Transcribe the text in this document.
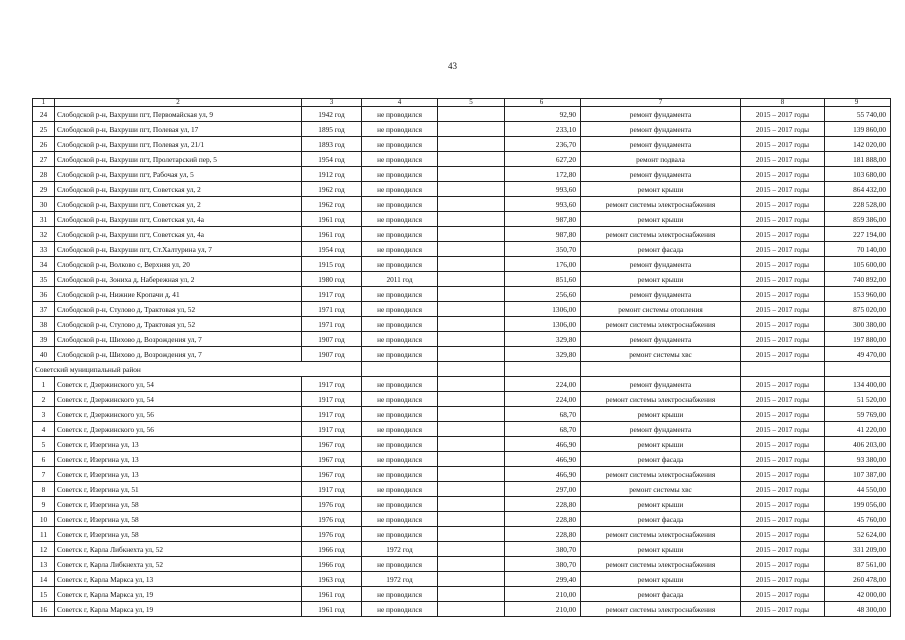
43
1	2	3	4	5	6	7	8	9
24	Слободской р-н, Вахруши пгт, Первомайская ул, 9	1942 год	не проводился		92,90	ремонт фундамента	2015 – 2017 годы	55 740,00
25	Слободской р-н, Вахруши пгт, Полевая ул, 17	1895 год	не проводился		233,10	ремонт фундамента	2015 – 2017 годы	139 860,00
26	Слободской р-н, Вахруши пгт, Полевая ул, 21/1	1893 год	не проводился		236,70	ремонт фундамента	2015 – 2017 годы	142 020,00
27	Слободской р-н, Вахруши пгт, Пролетарский пер, 5	1954 год	не проводился		627,20	ремонт подвала	2015 – 2017 годы	181 888,00
28	Слободской р-н, Вахруши пгт, Рабочая ул, 5	1912 год	не проводился		172,80	ремонт фундамента	2015 – 2017 годы	103 680,00
29	Слободской р-н, Вахруши пгт, Советская ул, 2	1962 год	не проводился		993,60	ремонт крыши	2015 – 2017 годы	864 432,00
30	Слободской р-н, Вахруши пгт, Советская ул, 2	1962 год	не проводился		993,60	ремонт системы электроснабжения	2015 – 2017 годы	228 528,00
31	Слободской р-н, Вахруши пгт, Советская ул, 4а	1961 год	не проводился		987,80	ремонт крыши	2015 – 2017 годы	859 386,00
32	Слободской р-н, Вахруши пгт, Советская ул, 4а	1961 год	не проводился		987,80	ремонт системы электроснабжения	2015 – 2017 годы	227 194,00
33	Слободской р-н, Вахруши пгт, Ст.Халтурина ул, 7	1954 год	не проводился		350,70	ремонт фасада	2015 – 2017 годы	70 140,00
34	Слободской р-н, Волково с, Верхняя ул, 20	1915 год	не проводился		176,00	ремонт фундамента	2015 – 2017 годы	105 600,00
35	Слободской р-н, Зониха д, Набережная ул, 2	1980 год	2011 год		851,60	ремонт крыши	2015 – 2017 годы	740 892,00
36	Слободской р-н, Нижние Кропачи д, 41	1917 год	не проводился		256,60	ремонт фундамента	2015 – 2017 годы	153 960,00
37	Слободской р-н, Стулово д, Трактовая ул, 52	1971 год	не проводился		1306,00	ремонт системы отопления	2015 – 2017 годы	875 020,00
38	Слободской р-н, Стулово д, Трактовая ул, 52	1971 год	не проводился		1306,00	ремонт системы электроснабжения	2015 – 2017 годы	300 380,00
39	Слободской р-н, Шихово д, Возрождения ул, 7	1907 год	не проводился		329,80	ремонт фундамента	2015 – 2017 годы	197 880,00
40	Слободской р-н, Шихово д, Возрождения ул, 7	1907 год	не проводился		329,80	ремонт системы хвс	2015 – 2017 годы	49 470,00
Советский муниципальный район								
1	Советск г, Дзержинского ул, 54	1917 год	не проводился		224,00	ремонт фундамента	2015 – 2017 годы	134 400,00
2	Советск г, Дзержинского ул, 54	1917 год	не проводился		224,00	ремонт системы электроснабжения	2015 – 2017 годы	51 520,00
3	Советск г, Дзержинского ул, 56	1917 год	не проводился		68,70	ремонт крыши	2015 – 2017 годы	59 769,00
4	Советск г, Дзержинского ул, 56	1917 год	не проводился		68,70	ремонт фундамента	2015 – 2017 годы	41 220,00
5	Советск г, Изергина ул, 13	1967 год	не проводился		466,90	ремонт крыши	2015 – 2017 годы	406 203,00
6	Советск г, Изергина ул, 13	1967 год	не проводился		466,90	ремонт фасада	2015 – 2017 годы	93 380,00
7	Советск г, Изергина ул, 13	1967 год	не проводился		466,90	ремонт системы электроснабжения	2015 – 2017 годы	107 387,00
8	Советск г, Изергина ул, 51	1917 год	не проводился		297,00	ремонт системы хвс	2015 – 2017 годы	44 550,00
9	Советск г, Изергина ул, 58	1976 год	не проводился		228,80	ремонт крыши	2015 – 2017 годы	199 056,00
10	Советск г, Изергина ул, 58	1976 год	не проводился		228,80	ремонт фасада	2015 – 2017 годы	45 760,00
11	Советск г, Изергина ул, 58	1976 год	не проводился		228,80	ремонт системы электроснабжения	2015 – 2017 годы	52 624,00
12	Советск г, Карла Либкнехта ул, 52	1966 год	1972 год		380,70	ремонт крыши	2015 – 2017 годы	331 209,00
13	Советск г, Карла Либкнехта ул, 52	1966 год	не проводился		380,70	ремонт системы электроснабжения	2015 – 2017 годы	87 561,00
14	Советск г, Карла Маркса ул, 13	1963 год	1972 год		299,40	ремонт крыши	2015 – 2017 годы	260 478,00
15	Советск г, Карла Маркса ул, 19	1961 год	не проводился		210,00	ремонт фасада	2015 – 2017 годы	42 000,00
16	Советск г, Карла Маркса ул, 19	1961 год	не проводился		210,00	ремонт системы электроснабжения	2015 – 2017 годы	48 300,00
